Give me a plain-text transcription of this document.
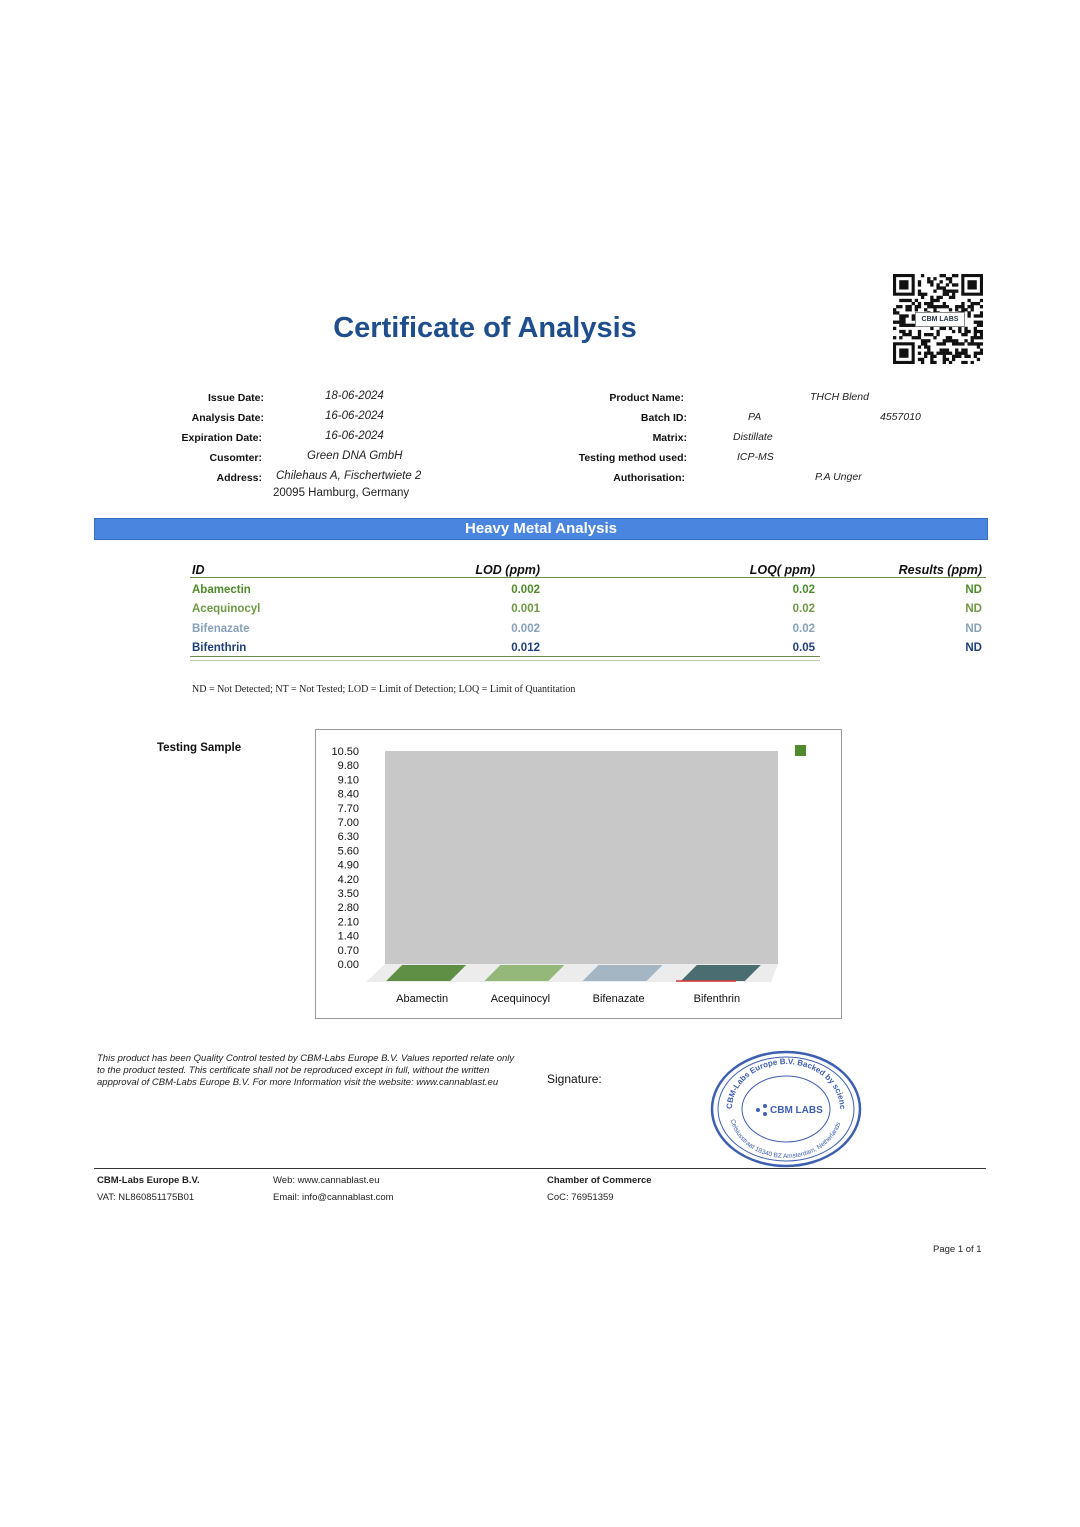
Certificate of Analysis	CBM LABS
Issue Date:	18-06-2024
Analysis Date:	16-06-2024
Expiration Date:	16-06-2024
Cusomter:	Green DNA GmbH
Address: Chilehaus A, Fischertwiete 2
20095 Hamburg, Germany
Product Name:	THCH Blend
Batch ID:	PA	4557010
Matrix:	Distillate
Testing method used:	ICP-MS
Authorisation:	P.A Unger
Heavy Metal Analysis
ID	LOD (ppm)	LOQ( ppm)	Results (ppm)
Abamectin	0.002	0.02	ND
Acequinocyl	0.001	0.02	ND
Bifenazate	0.002	0.02	ND
Bifenthrin	0.012	0.05	ND
ND = Not Detected; NT = Not Tested; LOD = Limit of Detection; LOQ = Limit of Quantitation
Testing Sample
0.00
0.70
1.40
2.10
2.80
3.50
4.20
4.90
5.60
6.30
7.00
7.70
8.40
9.10
9.80
10.50
Abamectin	Acequinocyl	Bifenazate	Bifenthrin
This product has been Quality Control tested by CBM-Labs Europe B.V. Values reported relate only to the product tested. This certificate shall not be reproduced except in full, without the written appproval of CBM-Labs Europe B.V. For more Information visit the website: www.cannablast.eu	Signature:
CBM-Labs Europe B.V. Backed by scienc
Celsiusstraat 18340 BZ Amsterdam, Netherlands
CBM LABS
CBM-Labs Europe B.V.
VAT: NL860851175B01
Web: www.cannablast.eu
Email: info@cannablast.com
Chamber of Commerce
CoC: 76951359
Page 1 of 1
